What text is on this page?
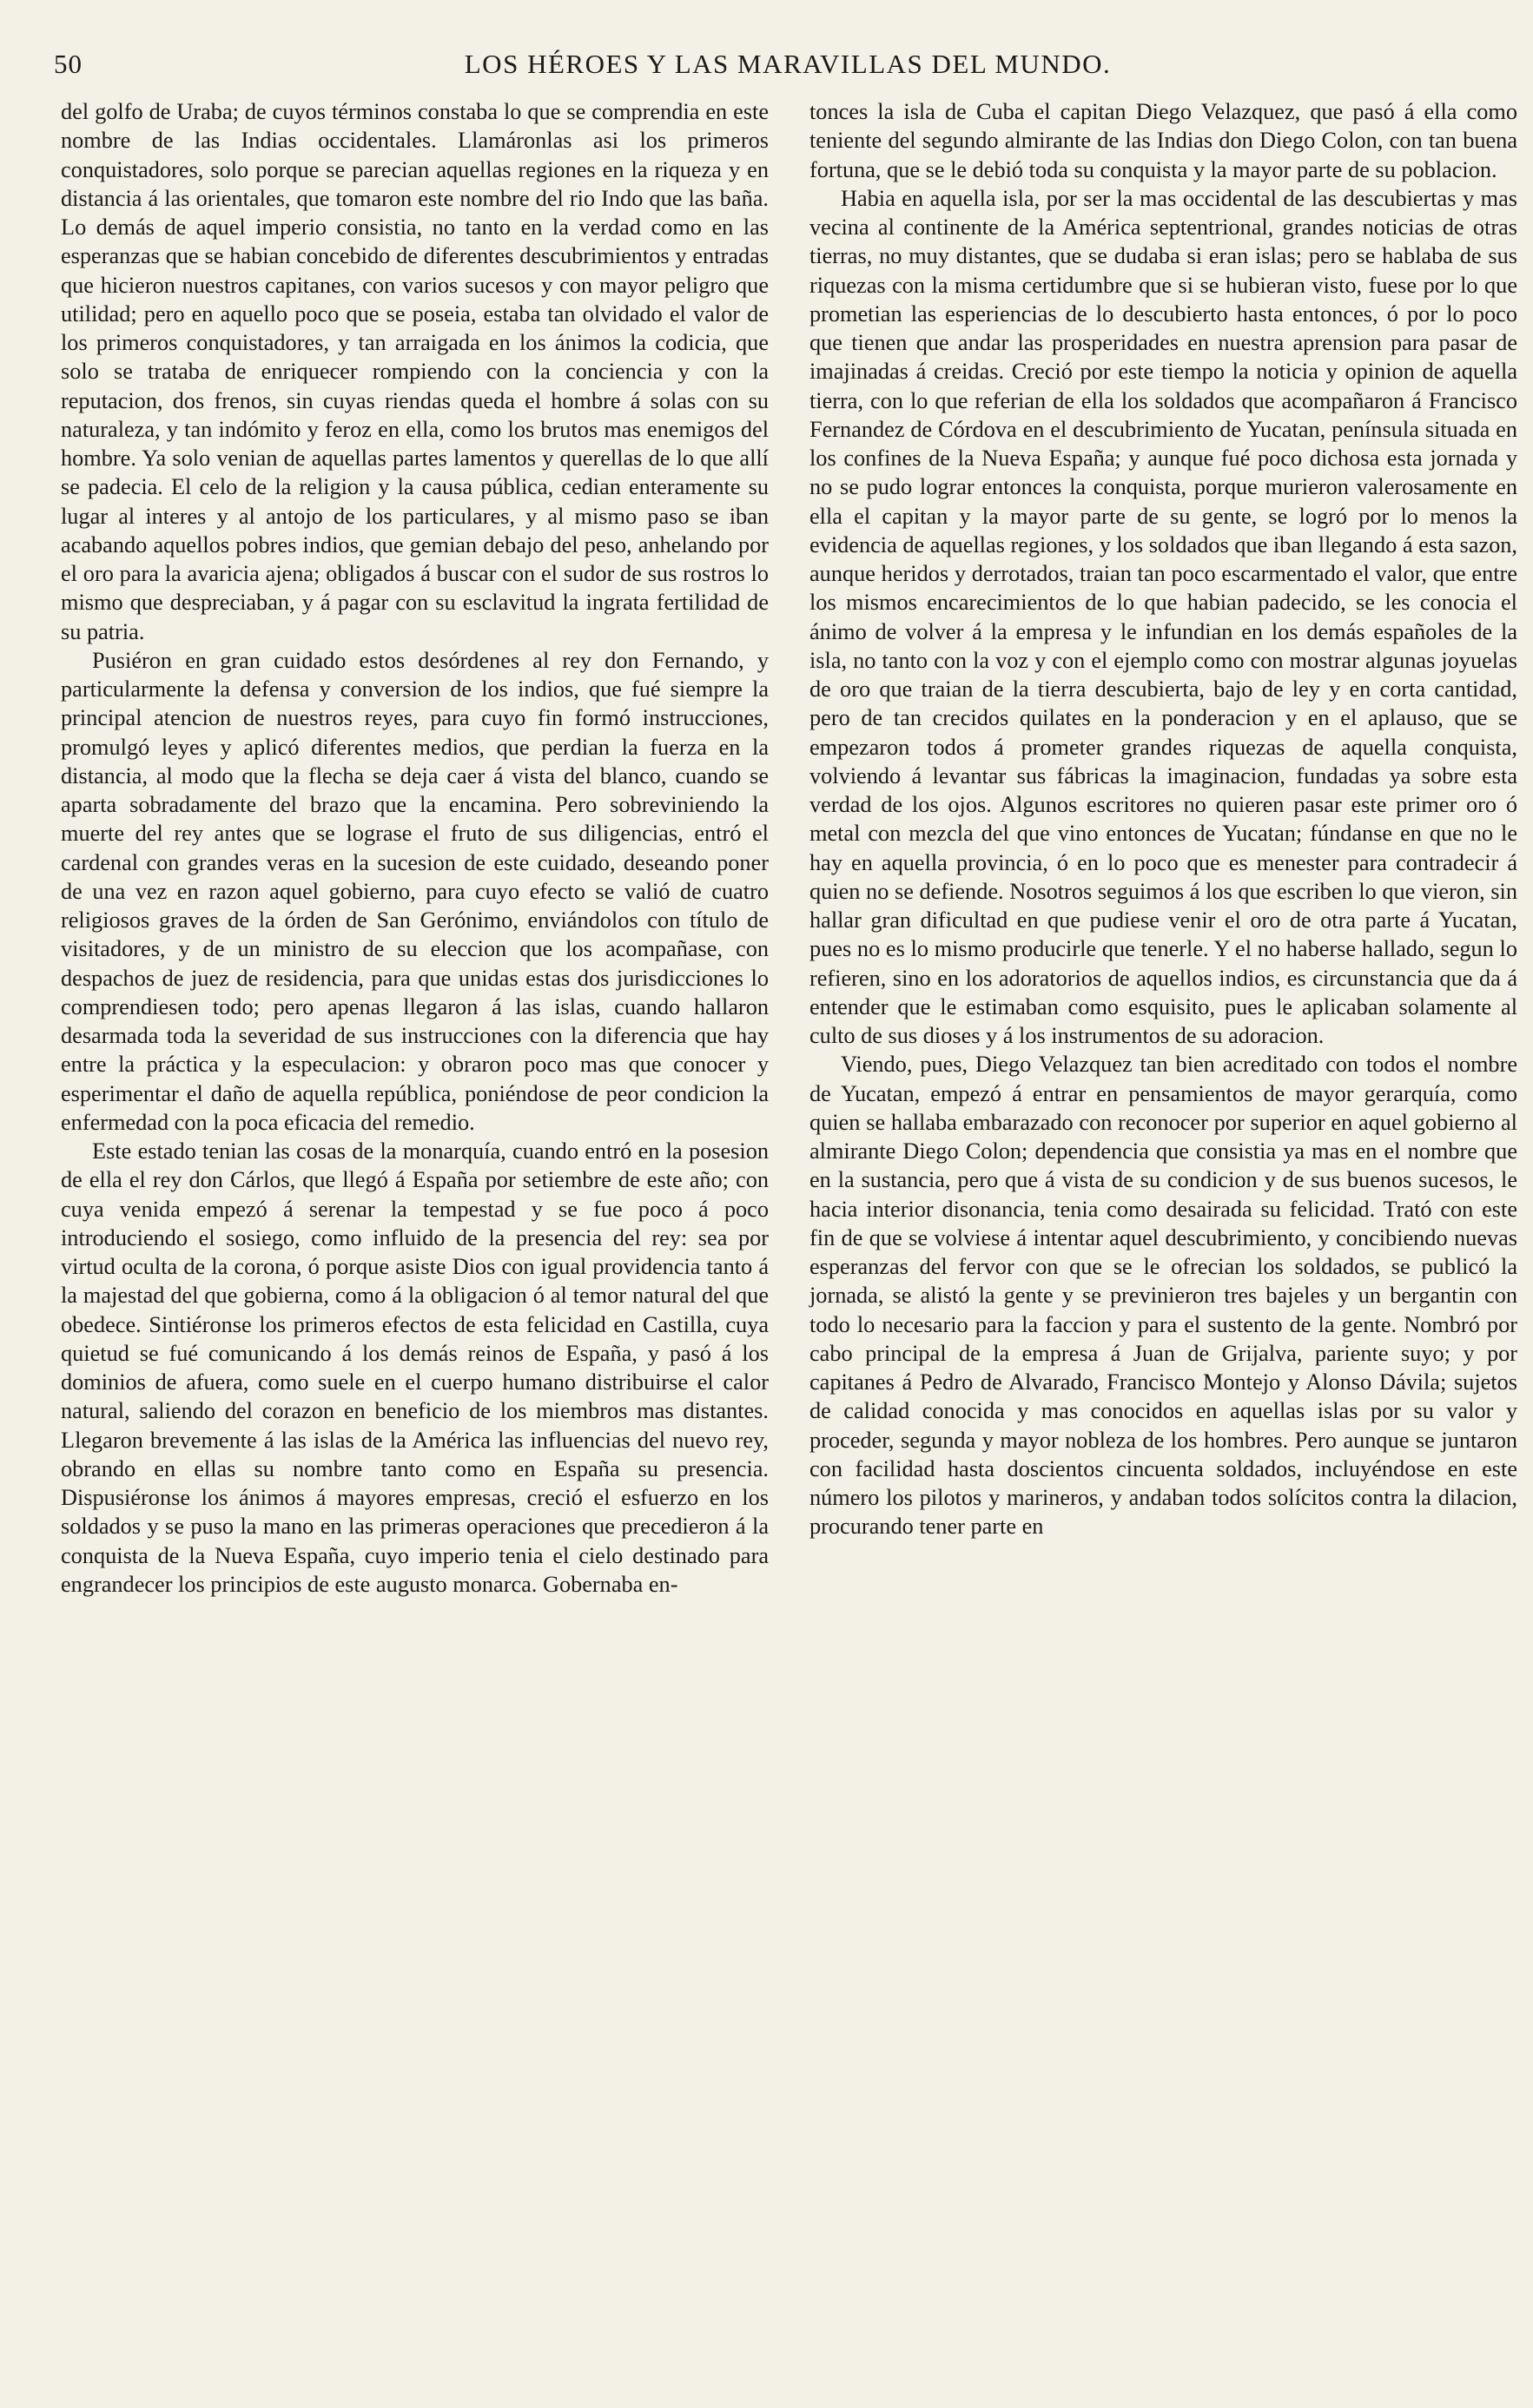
50	LOS HÉROES Y LAS MARAVILLAS DEL MUNDO.

del golfo de Uraba; de cuyos términos constaba lo que se comprendia en este nombre de las Indias occidentales. Llamáronlas asi los primeros conquistadores, solo porque se parecian aquellas regiones en la riqueza y en distancia á las orientales, que tomaron este nombre del rio Indo que las baña. Lo demás de aquel imperio consistia, no tanto en la verdad como en las esperanzas que se habian concebido de diferentes descubrimientos y entradas que hicieron nuestros capitanes, con varios sucesos y con mayor peligro que utilidad; pero en aquello poco que se poseia, estaba tan olvidado el valor de los primeros conquistadores, y tan arraigada en los ánimos la codicia, que solo se trataba de enriquecer rompiendo con la conciencia y con la reputacion, dos frenos, sin cuyas riendas queda el hombre á solas con su naturaleza, y tan indómito y feroz en ella, como los brutos mas enemigos del hombre. Ya solo venian de aquellas partes lamentos y querellas de lo que allí se padecia. El celo de la religion y la causa pública, cedian enteramente su lugar al interes y al antojo de los particulares, y al mismo paso se iban acabando aquellos pobres indios, que gemian debajo del peso, anhelando por el oro para la avaricia ajena; obligados á buscar con el sudor de sus rostros lo mismo que despreciaban, y á pagar con su esclavitud la ingrata fertilidad de su patria.

Pusiéron en gran cuidado estos desórdenes al rey don Fernando, y particularmente la defensa y conversion de los indios, que fué siempre la principal atencion de nuestros reyes, para cuyo fin formó instrucciones, promulgó leyes y aplicó diferentes medios, que perdian la fuerza en la distancia, al modo que la flecha se deja caer á vista del blanco, cuando se aparta sobradamente del brazo que la encamina. Pero sobreviniendo la muerte del rey antes que se lograse el fruto de sus diligencias, entró el cardenal con grandes veras en la sucesion de este cuidado, deseando poner de una vez en razon aquel gobierno, para cuyo efecto se valió de cuatro religiosos graves de la órden de San Gerónimo, enviándolos con título de visitadores, y de un ministro de su eleccion que los acompañase, con despachos de juez de residencia, para que unidas estas dos jurisdicciones lo comprendiesen todo; pero apenas llegaron á las islas, cuando hallaron desarmada toda la severidad de sus instrucciones con la diferencia que hay entre la práctica y la especulacion: y obraron poco mas que conocer y esperimentar el daño de aquella república, poniéndose de peor condicion la enfermedad con la poca eficacia del remedio.

Este estado tenian las cosas de la monarquía, cuando entró en la posesion de ella el rey don Cárlos, que llegó á España por setiembre de este año; con cuya venida empezó á serenar la tempestad y se fue poco á poco introduciendo el sosiego, como influido de la presencia del rey: sea por virtud oculta de la corona, ó porque asiste Dios con igual providencia tanto á la majestad del que gobierna, como á la obligacion ó al temor natural del que obedece. Sintiéronse los primeros efectos de esta felicidad en Castilla, cuya quietud se fué comunicando á los demás reinos de España, y pasó á los dominios de afuera, como suele en el cuerpo humano distribuirse el calor natural, saliendo del corazon en beneficio de los miembros mas distantes. Llegaron brevemente á las islas de la América las influencias del nuevo rey, obrando en ellas su nombre tanto como en España su presencia. Dispusiéronse los ánimos á mayores empresas, creció el esfuerzo en los soldados y se puso la mano en las primeras operaciones que precedieron á la conquista de la Nueva España, cuyo imperio tenia el cielo destinado para engrandecer los principios de este augusto monarca. Gobernaba en-

tonces la isla de Cuba el capitan Diego Velazquez, que pasó á ella como teniente del segundo almirante de las Indias don Diego Colon, con tan buena fortuna, que se le debió toda su conquista y la mayor parte de su poblacion.

Habia en aquella isla, por ser la mas occidental de las descubiertas y mas vecina al continente de la América septentrional, grandes noticias de otras tierras, no muy distantes, que se dudaba si eran islas; pero se hablaba de sus riquezas con la misma certidumbre que si se hubieran visto, fuese por lo que prometian las esperiencias de lo descubierto hasta entonces, ó por lo poco que tienen que andar las prosperidades en nuestra aprension para pasar de imajinadas á creidas. Creció por este tiempo la noticia y opinion de aquella tierra, con lo que referian de ella los soldados que acompañaron á Francisco Fernandez de Córdova en el descubrimiento de Yucatan, península situada en los confines de la Nueva España; y aunque fué poco dichosa esta jornada y no se pudo lograr entonces la conquista, porque murieron valerosamente en ella el capitan y la mayor parte de su gente, se logró por lo menos la evidencia de aquellas regiones, y los soldados que iban llegando á esta sazon, aunque heridos y derrotados, traian tan poco escarmentado el valor, que entre los mismos encarecimientos de lo que habian padecido, se les conocia el ánimo de volver á la empresa y le infundian en los demás españoles de la isla, no tanto con la voz y con el ejemplo como con mostrar algunas joyuelas de oro que traian de la tierra descubierta, bajo de ley y en corta cantidad, pero de tan crecidos quilates en la ponderacion y en el aplauso, que se empezaron todos á prometer grandes riquezas de aquella conquista, volviendo á levantar sus fábricas la imaginacion, fundadas ya sobre esta verdad de los ojos. Algunos escritores no quieren pasar este primer oro ó metal con mezcla del que vino entonces de Yucatan; fúndanse en que no le hay en aquella provincia, ó en lo poco que es menester para contradecir á quien no se defiende. Nosotros seguimos á los que escriben lo que vieron, sin hallar gran dificultad en que pudiese venir el oro de otra parte á Yucatan, pues no es lo mismo producirle que tenerle. Y el no haberse hallado, segun lo refieren, sino en los adoratorios de aquellos indios, es circunstancia que da á entender que le estimaban como esquisito, pues le aplicaban solamente al culto de sus dioses y á los instrumentos de su adoracion.

Viendo, pues, Diego Velazquez tan bien acreditado con todos el nombre de Yucatan, empezó á entrar en pensamientos de mayor gerarquía, como quien se hallaba embarazado con reconocer por superior en aquel gobierno al almirante Diego Colon; dependencia que consistia ya mas en el nombre que en la sustancia, pero que á vista de su condicion y de sus buenos sucesos, le hacia interior disonancia, tenia como desairada su felicidad. Trató con este fin de que se volviese á intentar aquel descubrimiento, y concibiendo nuevas esperanzas del fervor con que se le ofrecian los soldados, se publicó la jornada, se alistó la gente y se previnieron tres bajeles y un bergantin con todo lo necesario para la faccion y para el sustento de la gente. Nombró por cabo principal de la empresa á Juan de Grijalva, pariente suyo; y por capitanes á Pedro de Alvarado, Francisco Montejo y Alonso Dávila; sujetos de calidad conocida y mas conocidos en aquellas islas por su valor y proceder, segunda y mayor nobleza de los hombres. Pero aunque se juntaron con facilidad hasta doscientos cincuenta soldados, incluyéndose en este número los pilotos y marineros, y andaban todos solícitos contra la dilacion, procurando tener parte en
